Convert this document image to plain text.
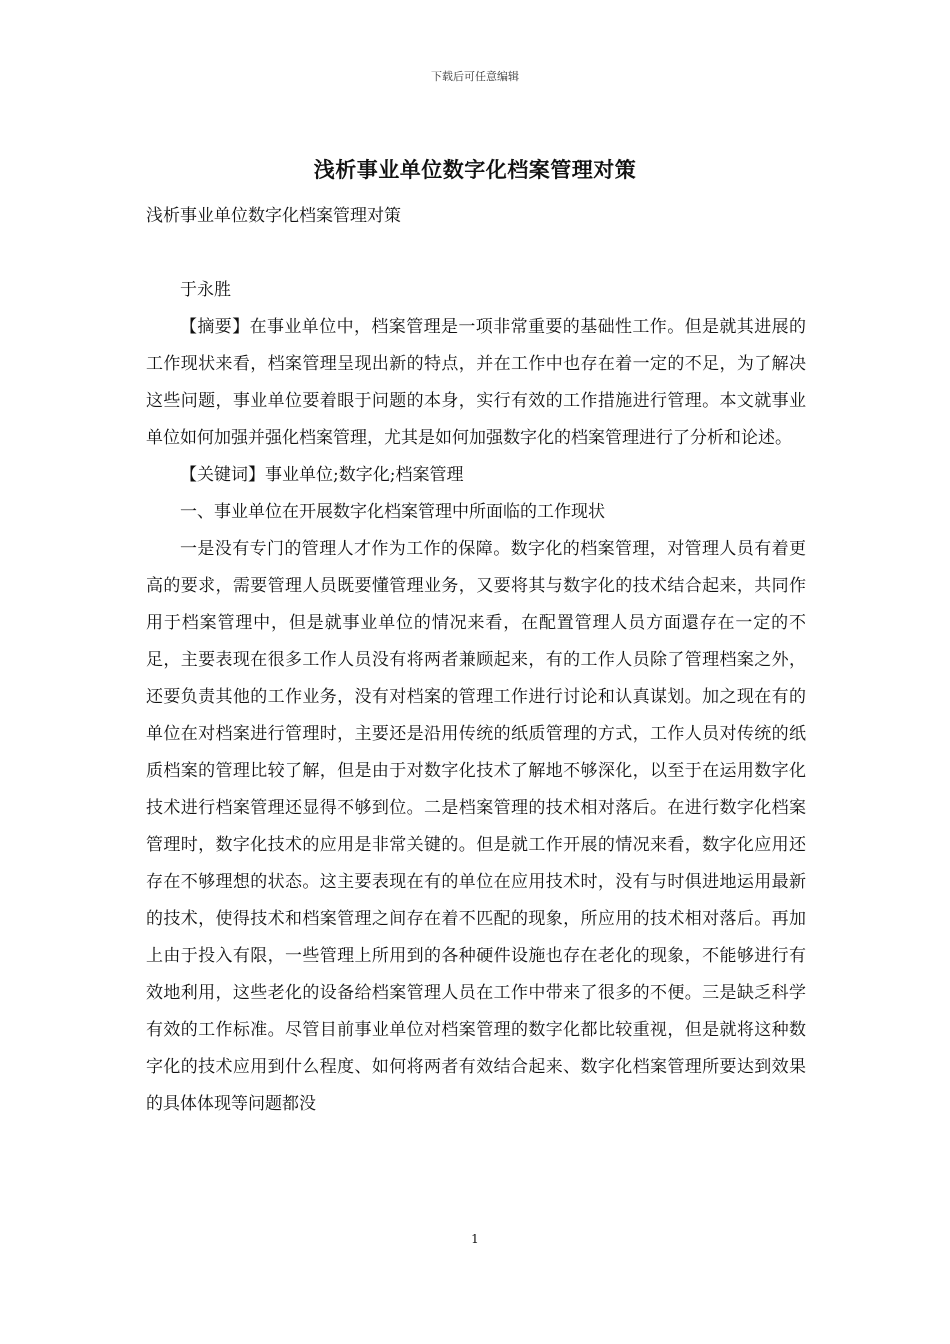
下载后可任意编辑
浅析事业单位数字化档案管理对策
浅析事业单位数字化档案管理对策

于永胜

【摘要】在事业单位中，档案管理是一项非常重要的基础性工作。但是就其进展的工作现状来看，档案管理呈现出新的特点，并在工作中也存在着一定的不足，为了解决这些问题，事业单位要着眼于问题的本身，实行有效的工作措施进行管理。本文就事业单位如何加强并强化档案管理，尤其是如何加强数字化的档案管理进行了分析和论述。

【关键词】事业单位;数字化;档案管理

一、事业单位在开展数字化档案管理中所面临的工作现状

一是没有专门的管理人才作为工作的保障。数字化的档案管理，对管理人员有着更高的要求，需要管理人员既要懂管理业务，又要将其与数字化的技术结合起来，共同作用于档案管理中，但是就事业单位的情况来看，在配置管理人员方面還存在一定的不足，主要表现在很多工作人员没有将两者兼顾起来，有的工作人员除了管理档案之外，还要负责其他的工作业务，没有对档案的管理工作进行讨论和认真谋划。加之现在有的单位在对档案进行管理时，主要还是沿用传统的纸质管理的方式，工作人员对传统的纸质档案的管理比较了解，但是由于对数字化技术了解地不够深化，以至于在运用数字化技术进行档案管理还显得不够到位。二是档案管理的技术相对落后。在进行数字化档案管理时，数字化技术的应用是非常关键的。但是就工作开展的情况来看，数字化应用还存在不够理想的状态。这主要表现在有的单位在应用技术时，没有与时俱进地运用最新的技术，使得技术和档案管理之间存在着不匹配的现象，所应用的技术相对落后。再加上由于投入有限，一些管理上所用到的各种硬件设施也存在老化的现象，不能够进行有效地利用，这些老化的设备给档案管理人员在工作中带来了很多的不便。三是缺乏科学有效的工作标准。尽管目前事业单位对档案管理的数字化都比较重视，但是就将这种数字化的技术应用到什么程度、如何将两者有效结合起来、数字化档案管理所要达到效果的具体体现等问题都没

1
